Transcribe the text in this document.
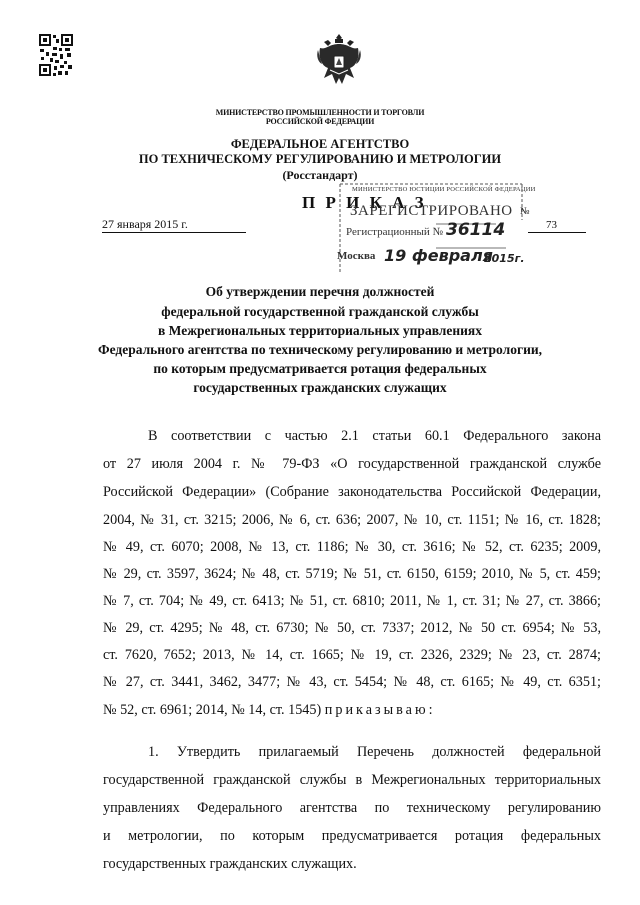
МИНИСТЕРСТВО ПРОМЫШЛЕННОСТИ И ТОРГОВЛИ
РОССИЙСКОЙ ФЕДЕРАЦИИ
ФЕДЕРАЛЬНОЕ АГЕНТСТВО
ПО ТЕХНИЧЕСКОМУ РЕГУЛИРОВАНИЮ И МЕТРОЛОГИИ
(Росстандарт)
П Р И К А З
27 января 2015 г.
№
73
МИНИСТЕРСТВО ЮСТИЦИИ РОССИЙСКОЙ ФЕДЕРАЦИИ
ЗАРЕГИСТРИРОВАНО
Регистрационный №
Москва
36114
19 февраля
2015г.
Об утверждении перечня должностей
федеральной государственной гражданской службы
в Межрегиональных территориальных управлениях
Федерального агентства по техническому регулированию и метрологии,
по которым предусматривается ротация федеральных
государственных гражданских служащих
В соответствии с частью 2.1 статьи 60.1 Федерального закона
от 27 июля 2004 г. № 79-ФЗ «О государственной гражданской службе
Российской Федерации» (Собрание законодательства Российской Федерации,
2004, № 31, ст. 3215; 2006, № 6, ст. 636; 2007, № 10, ст. 1151; № 16, ст. 1828;
№ 49, ст. 6070; 2008, № 13, ст. 1186; № 30, ст. 3616; № 52, ст. 6235; 2009,
№ 29, ст. 3597, 3624; № 48, ст. 5719; № 51, ст. 6150, 6159; 2010, № 5, ст. 459;
№ 7, ст. 704; № 49, ст. 6413; № 51, ст. 6810; 2011, № 1, ст. 31; № 27, ст. 3866;
№ 29, ст. 4295; № 48, ст. 6730; № 50, ст. 7337; 2012, № 50 ст. 6954; № 53,
ст. 7620, 7652; 2013, № 14, ст. 1665; № 19, ст. 2326, 2329; № 23, ст. 2874;
№ 27, ст. 3441, 3462, 3477; № 43, ст. 5454; № 48, ст. 6165; № 49, ст. 6351;
№ 52, ст. 6961; 2014, № 14, ст. 1545) приказываю:
1. Утвердить прилагаемый Перечень должностей федеральной
государственной гражданской службы в Межрегиональных территориальных
управлениях Федерального агентства по техническому регулированию
и метрологии, по которым предусматривается ротация федеральных
государственных гражданских служащих.
